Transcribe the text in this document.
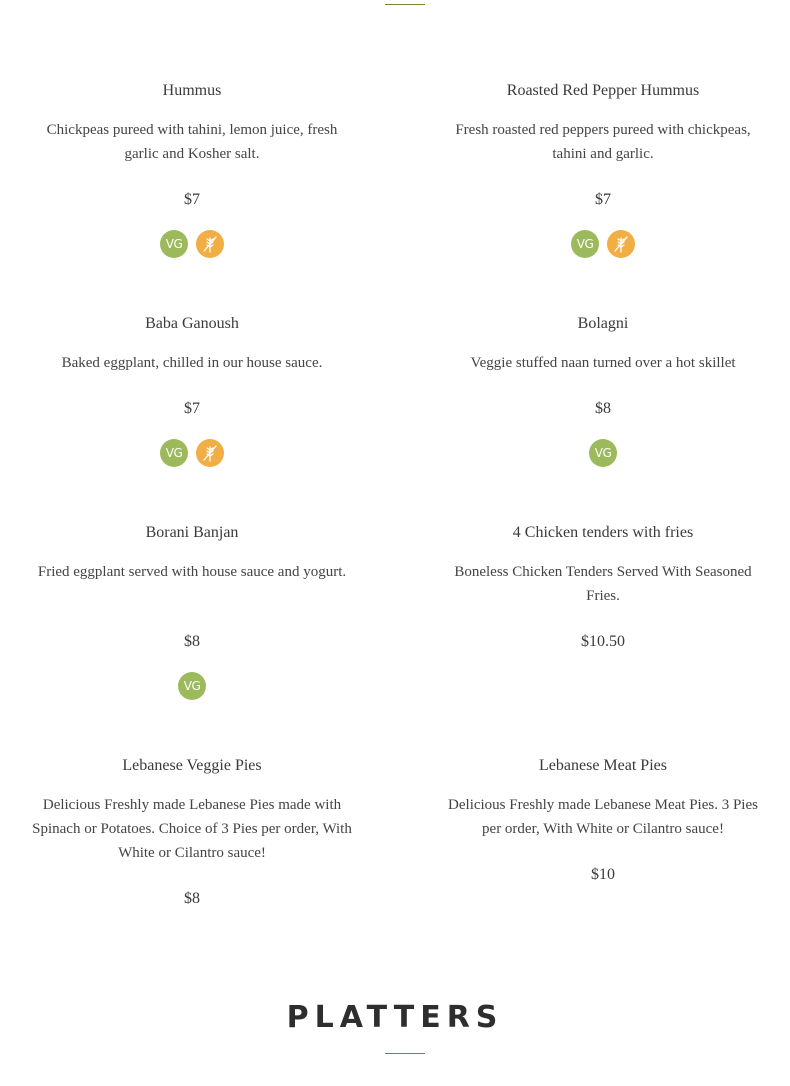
Hummus
Chickpeas pureed with tahini, lemon juice, fresh garlic and Kosher salt.
$7
VG
Roasted Red Pepper Hummus
Fresh roasted red peppers pureed with chickpeas, tahini and garlic.
$7
VG
Baba Ganoush
Baked eggplant, chilled in our house sauce.
$7
VG
Bolagni
Veggie stuffed naan turned over a hot skillet
$8
VG
Borani Banjan
Fried eggplant served with house sauce and yogurt.
$8
VG
4 Chicken tenders with fries
Boneless Chicken Tenders Served With Seasoned Fries.
$10.50
Lebanese Veggie Pies
Delicious Freshly made Lebanese Pies made with Spinach or Potatoes. Choice of 3 Pies per order, With White or Cilantro sauce!
$8
Lebanese Meat Pies
Delicious Freshly made Lebanese Meat Pies. 3 Pies per order, With White or Cilantro sauce!
$10
PLATTERS
